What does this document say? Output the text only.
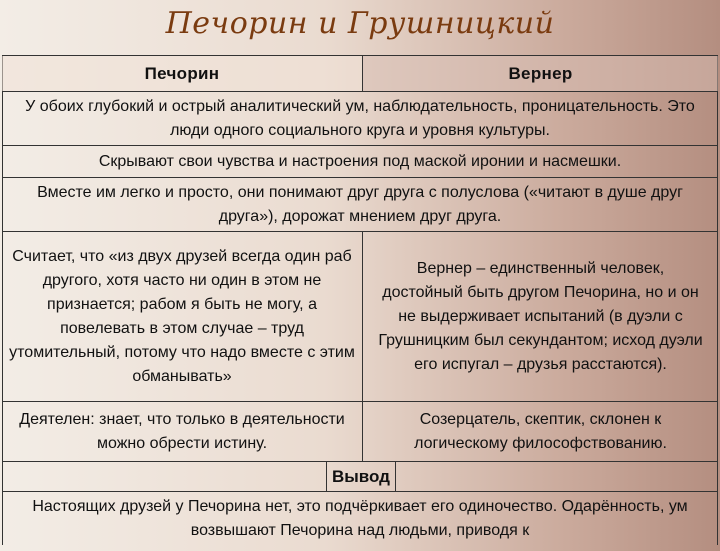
Печорин и Грушницкий
Печорин	Вернер
У обоих глубокий и острый аналитический ум, наблюдательность, проницательность. Это люди одного социального круга и уровня культуры.
Скрывают свои чувства и настроения под маской иронии и насмешки.
Вместе им легко и просто, они понимают друг друга с полуслова («читают в душе друг друга»), дорожат мнением друг друга.
Считает, что «из двух друзей всегда один раб другого, хотя часто ни один в этом не признается; рабом я быть не могу, а повелевать в этом случае – труд утомительный, потому что надо вместе с этим обманывать»
Вернер – единственный человек, достойный быть другом Печорина, но и он не выдерживает испытаний (в дуэли с Грушницким был секундантом; исход дуэли его испугал – друзья расстаются).
Деятелен: знает, что только в деятельности можно обрести истину.
Созерцатель, скептик, склонен к логическому философствованию.
Вывод
Настоящих друзей у Печорина нет, это подчёркивает его одиночество. Одарённость, ум возвышают Печорина над людьми, приводя к
